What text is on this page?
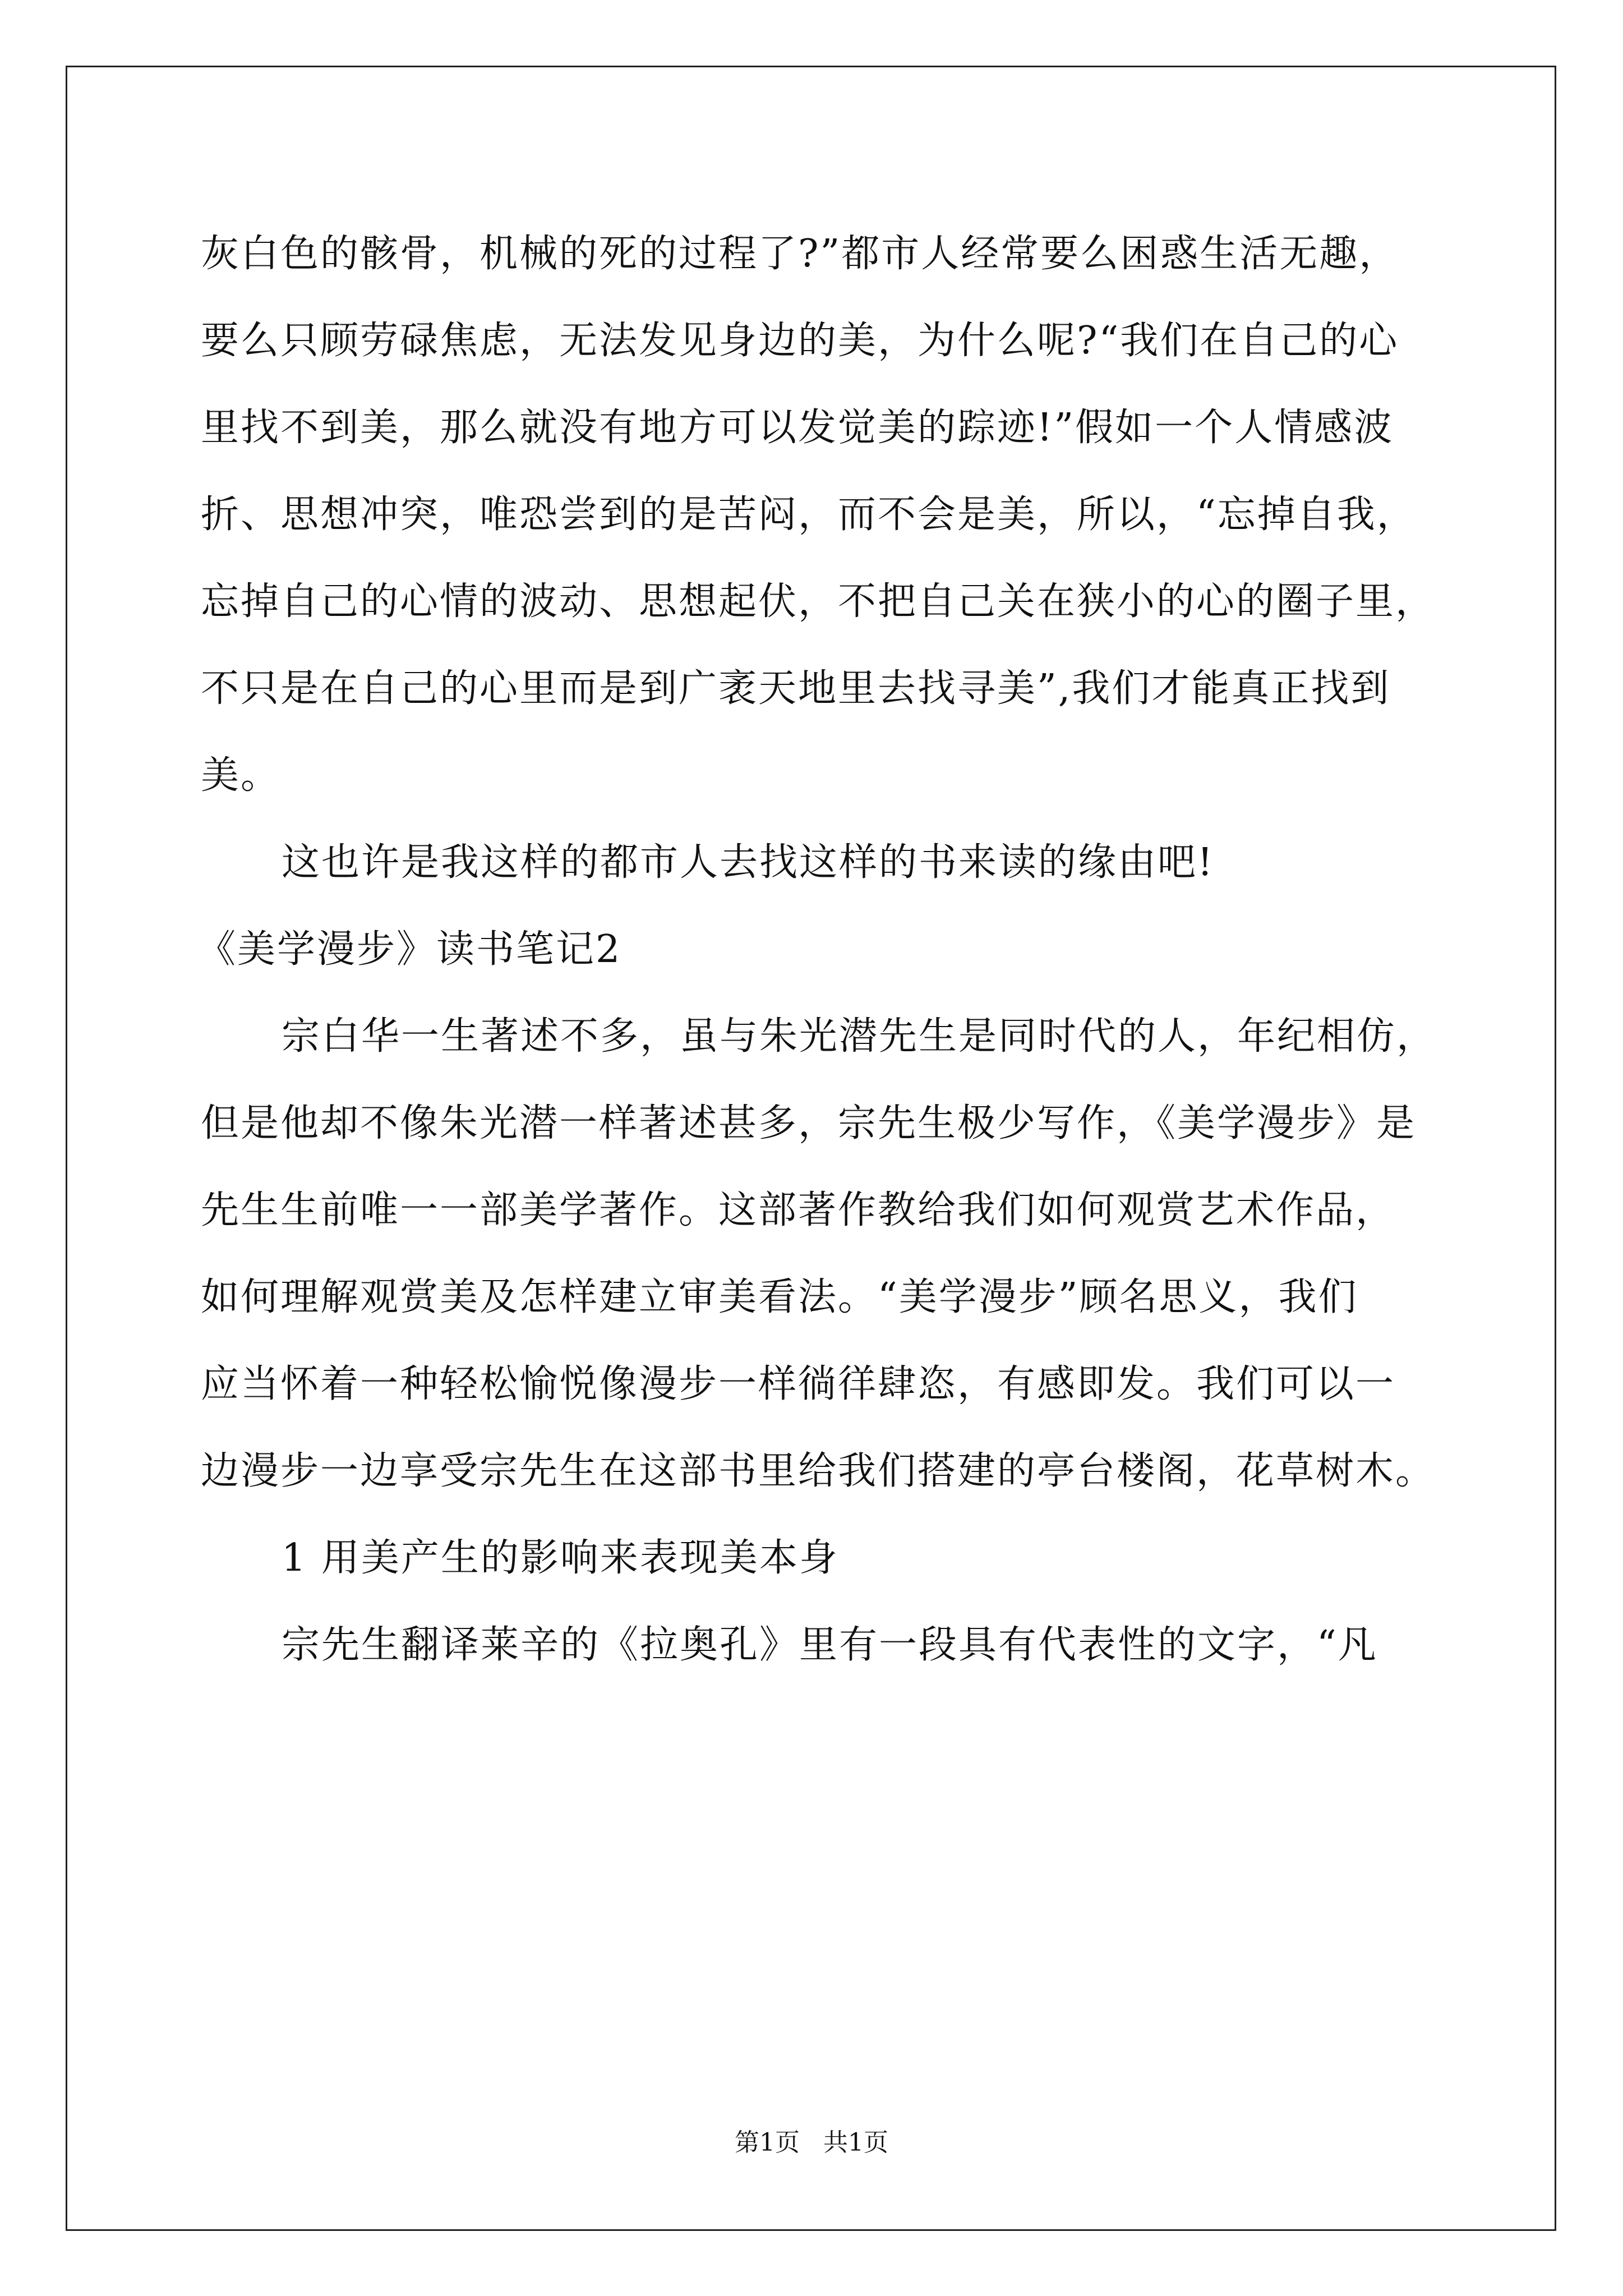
灰白色的骸骨，机械的死的过程了?”都市人经常要么困惑生活无趣，
要么只顾劳碌焦虑，无法发见身边的美，为什么呢?“我们在自己的心
里找不到美，那么就没有地方可以发觉美的踪迹!”假如一个人情感波
折、思想冲突，唯恐尝到的是苦闷，而不会是美，所以，“忘掉自我，
忘掉自己的心情的波动、思想起伏，不把自己关在狭小的心的圈子里，
不只是在自己的心里而是到广袤天地里去找寻美”,我们才能真正找到
美。
这也许是我这样的都市人去找这样的书来读的缘由吧!
《美学漫步》读书笔记2
宗白华一生著述不多，虽与朱光潜先生是同时代的人，年纪相仿，
但是他却不像朱光潜一样著述甚多，宗先生极少写作，《美学漫步》是
先生生前唯一一部美学著作。这部著作教给我们如何观赏艺术作品，
如何理解观赏美及怎样建立审美看法。“美学漫步”顾名思义，我们
应当怀着一种轻松愉悦像漫步一样徜徉肆恣，有感即发。我们可以一
边漫步一边享受宗先生在这部书里给我们搭建的亭台楼阁，花草树木。
1 用美产生的影响来表现美本身
宗先生翻译莱辛的《拉奥孔》里有一段具有代表性的文字，“凡
第1页   共1页
